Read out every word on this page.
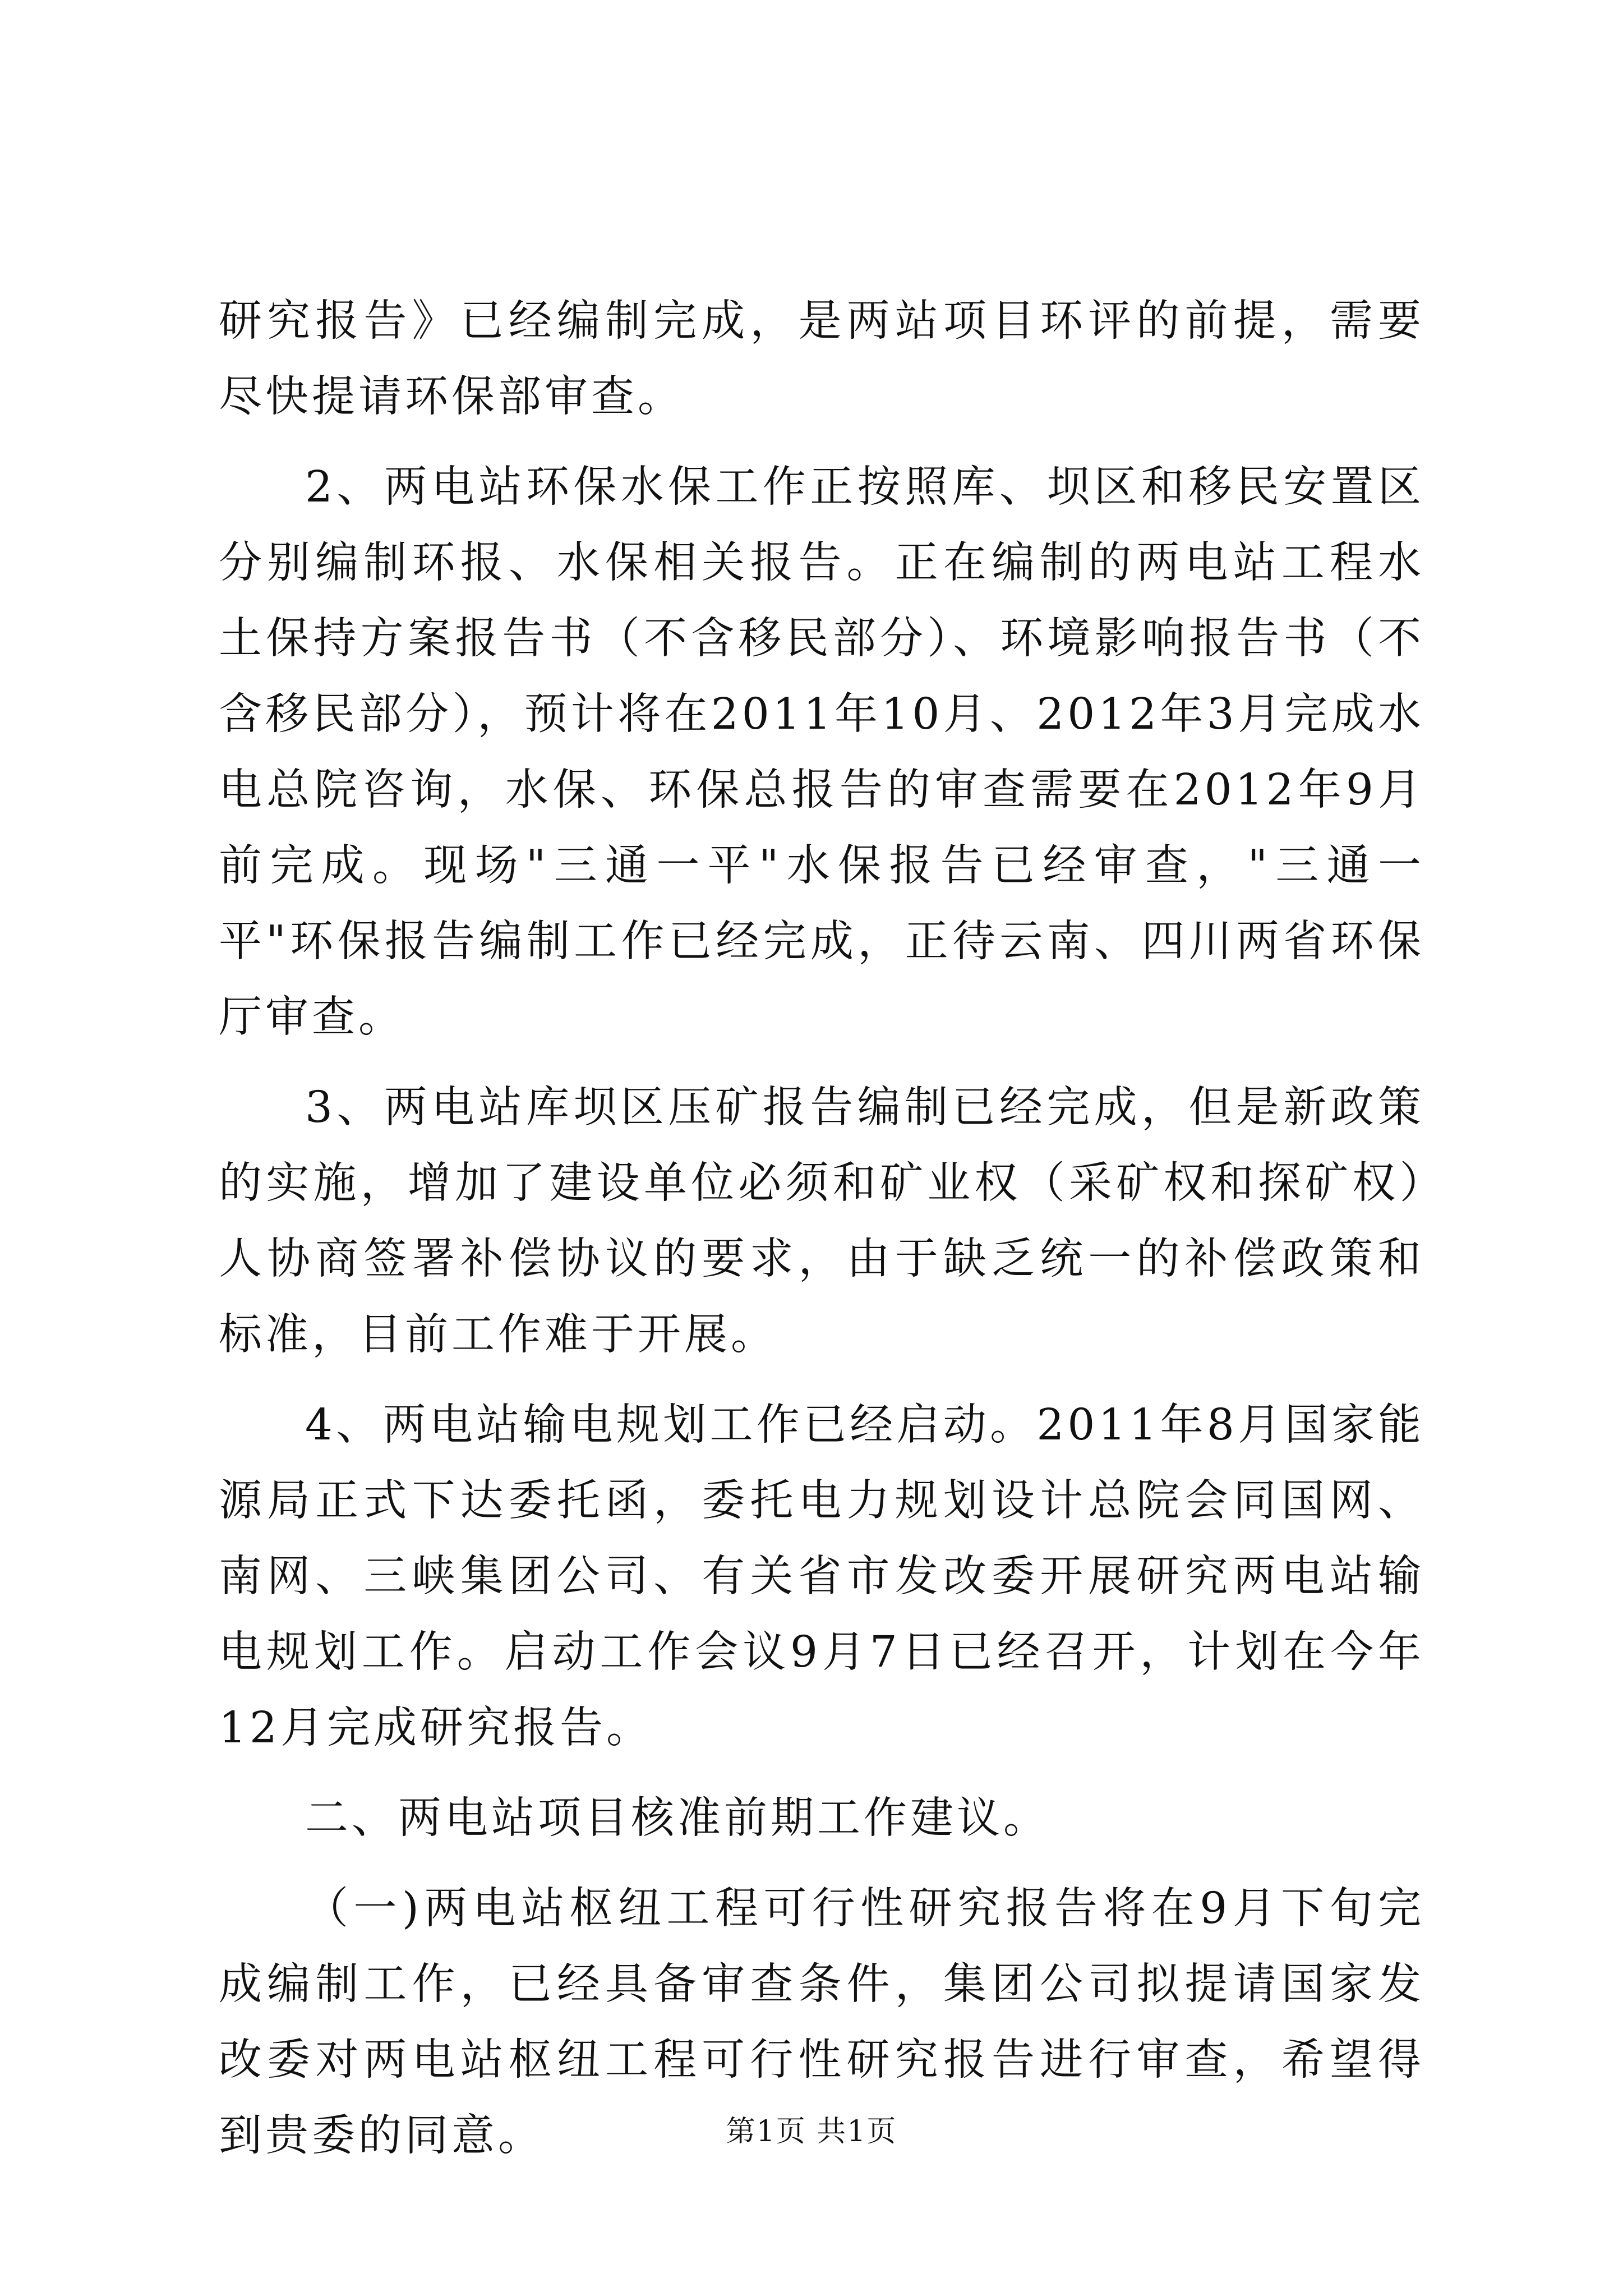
研究报告》已经编制完成，是两站项目环评的前提，需要尽快提请环保部审查。

2、两电站环保水保工作正按照库、坝区和移民安置区分别编制环报、水保相关报告。正在编制的两电站工程水土保持方案报告书（不含移民部分）、环境影响报告书（不含移民部分），预计将在2011年10月、2012年3月完成水电总院咨询，水保、环保总报告的审查需要在2012年9月前完成。现场"三通一平"水保报告已经审查，"三通一平"环保报告编制工作已经完成，正待云南、四川两省环保厅审查。

3、两电站库坝区压矿报告编制已经完成，但是新政策的实施，增加了建设单位必须和矿业权（采矿权和探矿权）人协商签署补偿协议的要求，由于缺乏统一的补偿政策和标准，目前工作难于开展。

4、两电站输电规划工作已经启动。2011年8月国家能源局正式下达委托函，委托电力规划设计总院会同国网、南网、三峡集团公司、有关省市发改委开展研究两电站输电规划工作。启动工作会议9月7日已经召开，计划在今年12月完成研究报告。

二、两电站项目核准前期工作建议。

（一)两电站枢纽工程可行性研究报告将在9月下旬完成编制工作，已经具备审查条件，集团公司拟提请国家发改委对两电站枢纽工程可行性研究报告进行审查，希望得到贵委的同意。	第1页 共1页
